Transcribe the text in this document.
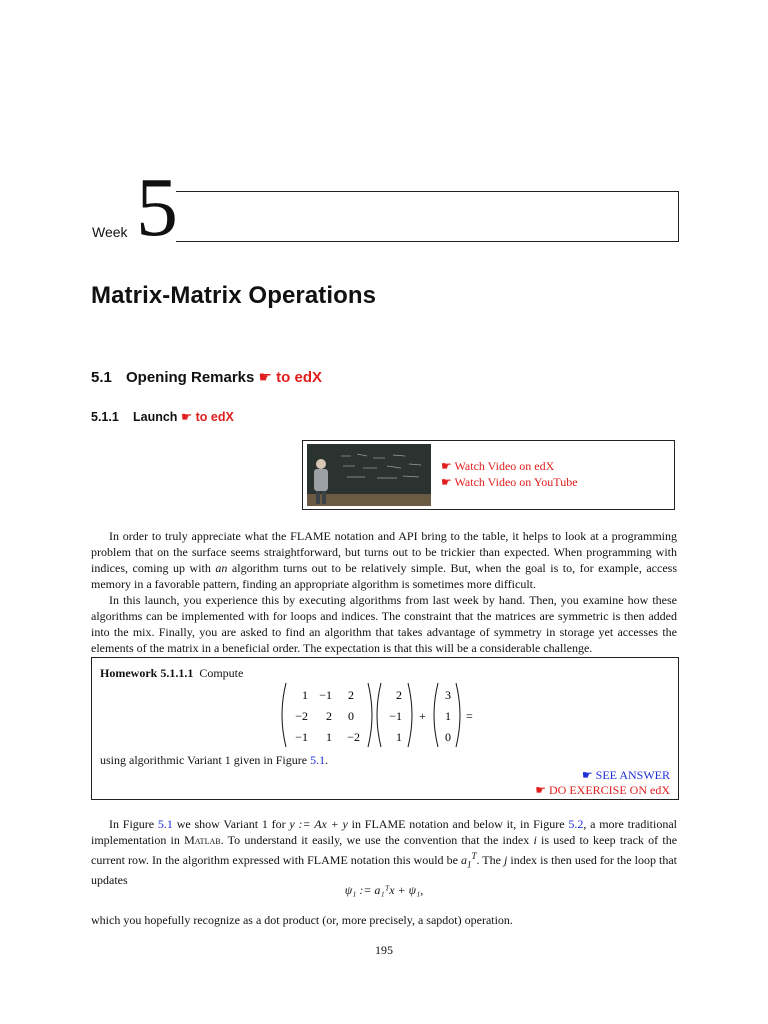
Week 5
Matrix-Matrix Operations
5.1 Opening Remarks ☛ to edX
5.1.1 Launch ☛ to edX
☛ Watch Video on edX
☛ Watch Video on YouTube
In order to truly appreciate what the FLAME notation and API bring to the table, it helps to look at a programming problem that on the surface seems straightforward, but turns out to be trickier than expected. When programming with indices, coming up with an algorithm turns out to be relatively simple. But, when the goal is to, for example, access memory in a favorable pattern, finding an appropriate algorithm is sometimes more difficult.
In this launch, you experience this by executing algorithms from last week by hand. Then, you examine how these algorithms can be implemented with for loops and indices. The constraint that the matrices are symmetric is then added into the mix. Finally, you are asked to find an algorithm that takes advantage of symmetry in storage yet accesses the elements of the matrix in a beneficial order. The expectation is that this will be a considerable challenge.
Homework 5.1.1.1 Compute
1 −1 2
−2 2 0
−1 1 −2
2
−1
1
+
3
1
0
=
using algorithmic Variant 1 given in Figure 5.1.
☛ SEE ANSWER
☛ DO EXERCISE ON edX
In Figure 5.1 we show Variant 1 for y := Ax + y in FLAME notation and below it, in Figure 5.2, a more traditional implementation in Matlab. To understand it easily, we use the convention that the index i is used to keep track of the current row. In the algorithm expressed with FLAME notation this would be $a_1^T$. The j index is then used for the loop that updates
ψ₁ := a₁ᵀx + ψ₁,
which you hopefully recognize as a dot product (or, more precisely, a sapdot) operation.
195
